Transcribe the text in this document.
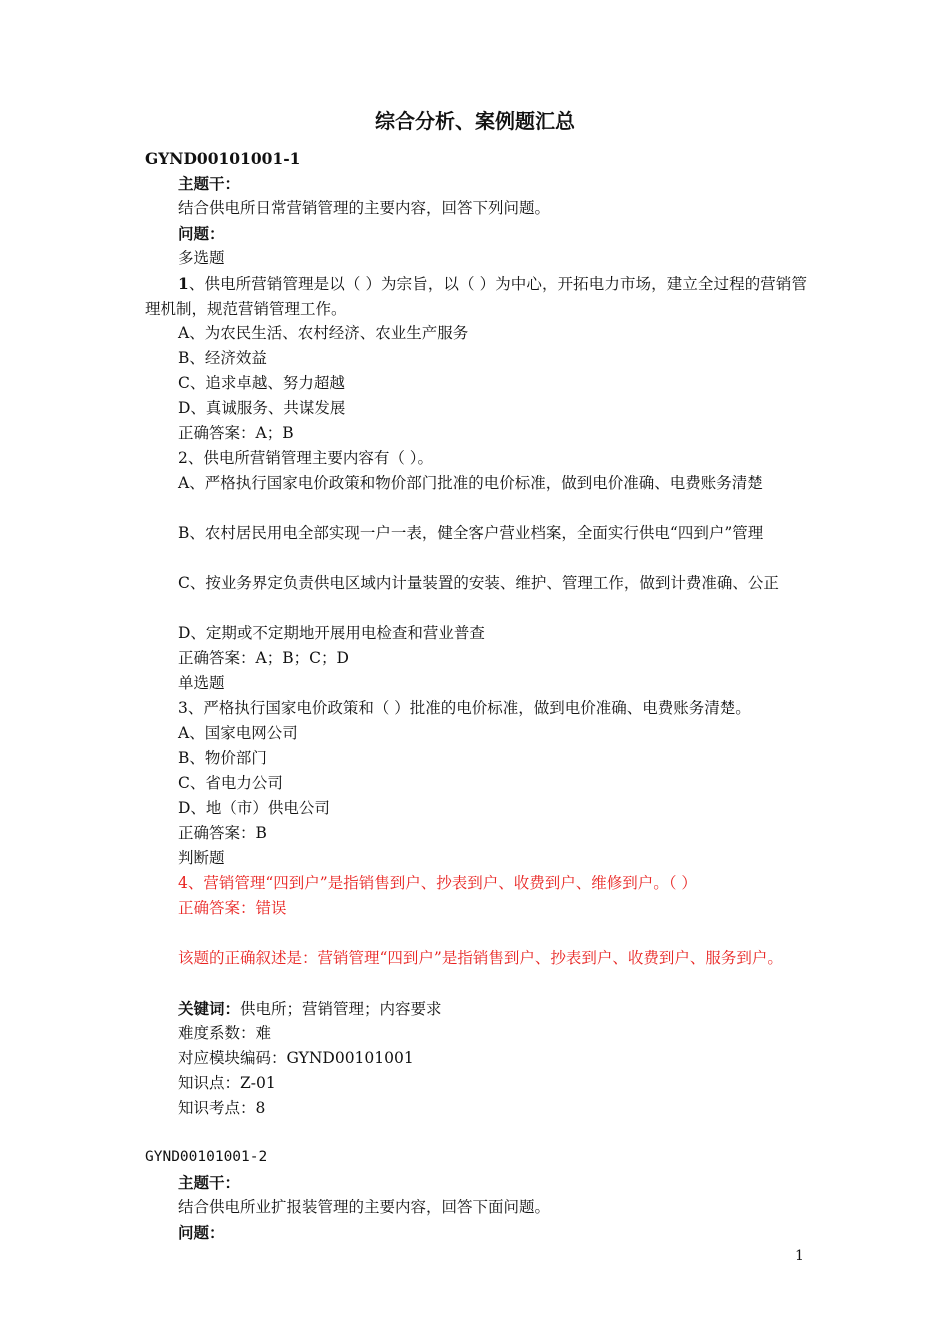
综合分析、案例题汇总
GYND00101001-1
主题干：
结合供电所日常营销管理的主要内容，回答下列问题。
问题：
多选题
1、供电所营销管理是以（ ）为宗旨，以（ ）为中心，开拓电力市场，建立全过程的营销管理机制，规范营销管理工作。
A、为农民生活、农村经济、农业生产服务
B、经济效益
C、追求卓越、努力超越
D、真诚服务、共谋发展
正确答案：A；B
2、供电所营销管理主要内容有（ ）。
A、严格执行国家电价政策和物价部门批准的电价标准，做到电价准确、电费账务清楚
B、农村居民用电全部实现一户一表，健全客户营业档案，全面实行供电“四到户”管理
C、按业务界定负责供电区域内计量装置的安装、维护、管理工作，做到计费准确、公正
D、定期或不定期地开展用电检查和营业普查
正确答案：A；B；C；D
单选题
3、严格执行国家电价政策和（ ）批准的电价标准，做到电价准确、电费账务清楚。
A、国家电网公司
B、物价部门
C、省电力公司
D、地（市）供电公司
正确答案：B
判断题
4、营销管理“四到户”是指销售到户、抄表到户、收费到户、维修到户。（ ）
正确答案：错误
该题的正确叙述是：营销管理“四到户”是指销售到户、抄表到户、收费到户、服务到户。
关键词：供电所；营销管理；内容要求
难度系数：难
对应模块编码：GYND00101001
知识点：Z-01
知识考点：8
GYND00101001-2
主题干：
结合供电所业扩报装管理的主要内容，回答下面问题。
问题：
1
